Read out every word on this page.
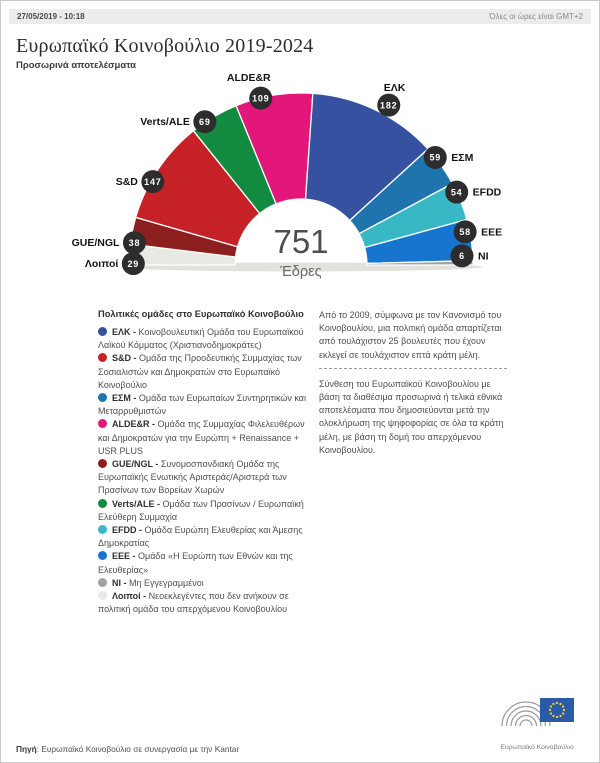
27/05/2019 - 10:18	Όλες οι ώρες είναι GMT+2
Ευρωπαϊκό Κοινοβούλιο 2019-2024
Προσωρινά αποτελέσματα
29
Λοιποί
38
GUE/NGL
147
S&D
69
Verts/ALE
109
ALDE&R
182
ΕΛΚ
59 ΕΣΜ
54 EFDD
58 ΕΕΕ
6 NI
751
Έδρες
Πολιτικές ομάδες στο Ευρωπαϊκό Κοινοβούλιο
ΕΛΚ - Κοινοβουλευτική Ομάδα του Ευρωπαϊκού Λαϊκού Κόμματος (Χριστιανοδημοκράτες)
S&D - Ομάδα της Προοδευτικής Συμμαχίας των Σοσιαλιστών και Δημοκρατών στο Ευρωπαϊκό Κοινοβούλιο
ΕΣΜ - Ομάδα των Ευρωπαίων Συντηρητικών και Μεταρρυθμιστών
ALDE&R - Ομάδα της Συμμαχίας Φιλελευθέρων και Δημοκρατών για την Ευρώπη + Renaissance + USR PLUS
GUE/NGL - Συνομοσπονδιακή Ομάδα της Ευρωπαϊκής Ενωτικής Αριστεράς/Αριστερά των Πρασίνων των Βορείων Χωρών
Verts/ALE - Ομάδα των Πρασίνων / Ευρωπαϊκή Ελεύθερη Συμμαχία
EFDD - Ομάδα Ευρώπη Ελευθερίας και Άμεσης Δημοκρατίας
ΕΕΕ - Ομάδα «Η Ευρώπη των Εθνών και της Ελευθερίας»
NI - Μη Εγγεγραμμένοι
Λοιποί - Νεοεκλεγέντες που δεν ανήκουν σε πολιτική ομάδα του απερχόμενου Κοινοβουλίου

Από το 2009, σύμφωνα με τον Κανονισμό του Κοινοβουλίου, μια πολιτική ομάδα απαρτίζεται από τουλάχιστον 25 βουλευτές που έχουν εκλεγεί σε τουλάχιστον επτά κράτη μέλη.

Σύνθεση του Ευρωπαϊκού Κοινοβουλίου με βάση τα διαθέσιμα προσωρινά ή τελικά εθνικά αποτελέσματα που δημοσιεύονται μετά την ολοκλήρωση της ψηφοφορίας σε όλα τα κράτη μέλη, με βάση τη δομή του απερχόμενου Κοινοβουλίου.

Πηγή: Ευρωπαϊκό Κοινοβούλιο σε συνεργασία με την Kantar	Ευρωπαϊκό Κοινοβούλιο
